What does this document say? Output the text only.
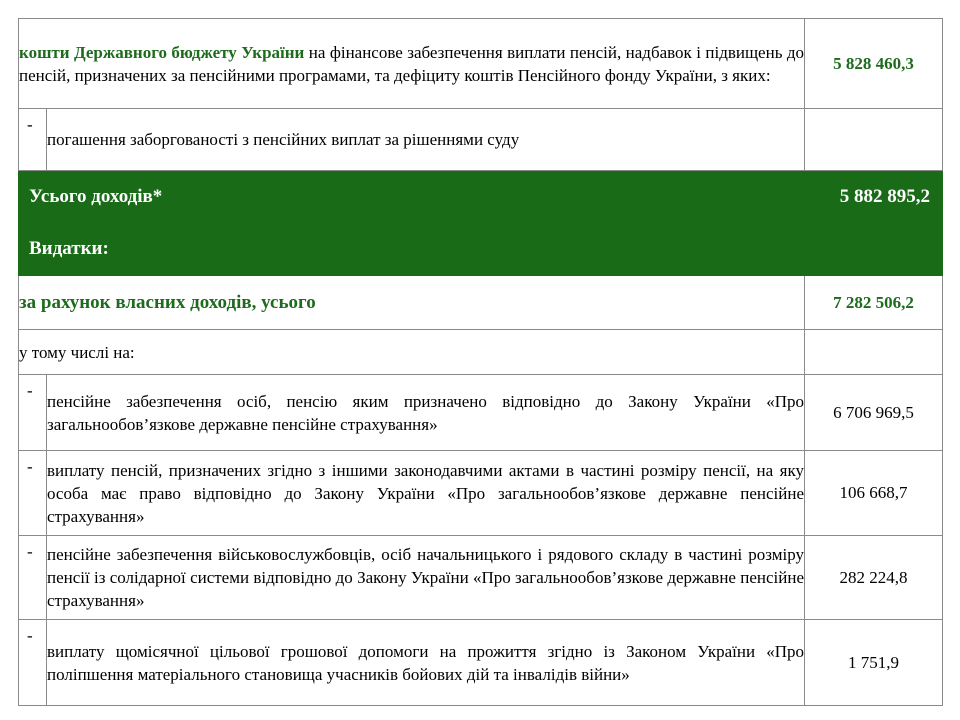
кошти Державного бюджету України на фінансове забезпечення виплати пенсій, надбавок і підвищень до пенсій, призначених за пенсійними програмами, та дефіциту коштів Пенсійного фонду України, з яких:		5 828 460,3
-	погашення заборгованості з пенсійних виплат за рішеннями суду	
Усього доходів*		5 882 895,2
Видатки:		
за рахунок власних доходів, усього		7 282 506,2
у тому числі на:		
-	пенсійне забезпечення осіб, пенсію яким призначено відповідно до Закону України «Про загальнообов’язкове державне пенсійне страхування»	6 706 969,5
-	виплату пенсій, призначених згідно з іншими законодавчими актами в частині розміру пенсії, на яку особа має право відповідно до Закону України «Про загальнообов’язкове державне пенсійне страхування»	106 668,7
-	пенсійне забезпечення військовослужбовців, осіб начальницького і рядового складу в частині розміру пенсії із солідарної системи відповідно до Закону України «Про загальнообов’язкове державне пенсійне страхування»	282 224,8
-	виплату щомісячної цільової грошової допомоги на прожиття згідно із Законом України «Про поліпшення матеріального становища учасників бойових дій та інвалідів війни»	1 751,9
